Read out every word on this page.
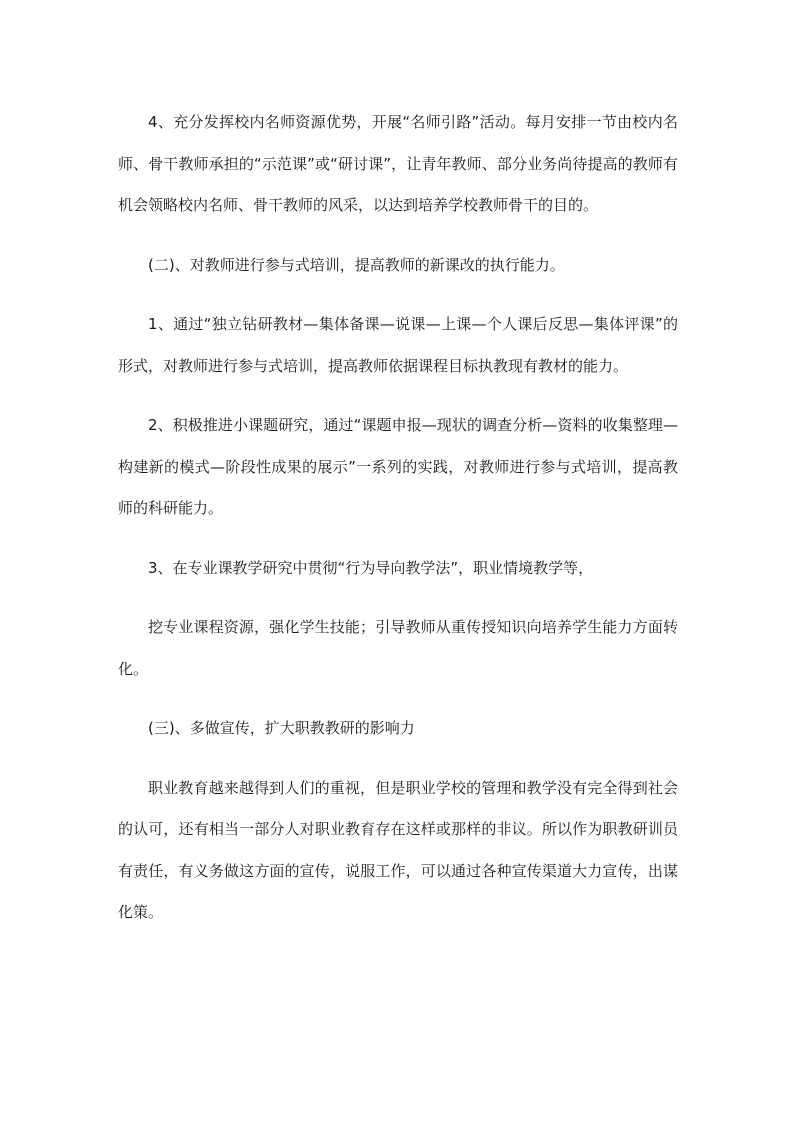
4、充分发挥校内名师资源优势，开展“名师引路”活动。每月安排一节由校内名师、骨干教师承担的“示范课”或“研讨课”，让青年教师、部分业务尚待提高的教师有机会领略校内名师、骨干教师的风采，以达到培养学校教师骨干的目的。

(二)、对教师进行参与式培训，提高教师的新课改的执行能力。

1、通过“独立钻研教材—集体备课—说课—上课—个人课后反思—集体评课”的形式，对教师进行参与式培训，提高教师依据课程目标执教现有教材的能力。

2、积极推进小课题研究，通过“课题申报—现状的调查分析—资料的收集整理—构建新的模式—阶段性成果的展示”一系列的实践，对教师进行参与式培训，提高教师的科研能力。

3、在专业课教学研究中贯彻“行为导向教学法”，职业情境教学等，

挖专业课程资源，强化学生技能；引导教师从重传授知识向培养学生能力方面转化。

(三)、多做宣传，扩大职教教研的影响力

职业教育越来越得到人们的重视，但是职业学校的管理和教学没有完全得到社会的认可，还有相当一部分人对职业教育存在这样或那样的非议。所以作为职教研训员有责任，有义务做这方面的宣传，说服工作，可以通过各种宣传渠道大力宣传，出谋化策。
